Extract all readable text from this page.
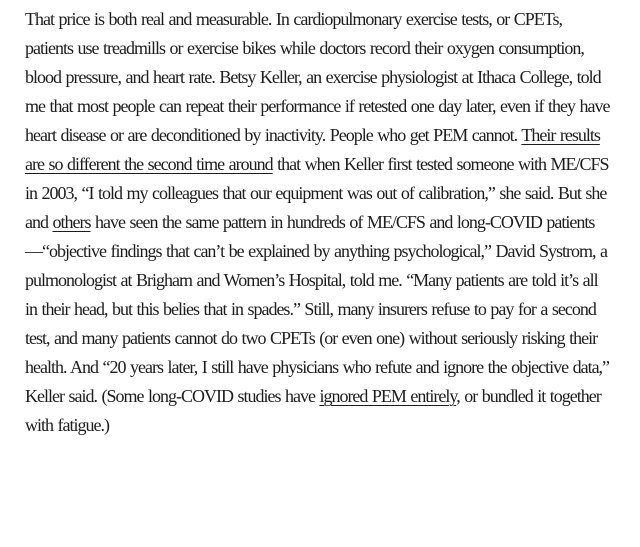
That price is both real and measurable. In cardiopulmonary exercise tests, or CPETs, patients use treadmills or exercise bikes while doctors record their oxygen consumption, blood pressure, and heart rate. Betsy Keller, an exercise physiologist at Ithaca College, told me that most people can repeat their performance if retested one day later, even if they have heart disease or are deconditioned by inactivity. People who get PEM cannot. Their results are so different the second time around that when Keller first tested someone with ME/CFS in 2003, “I told my colleagues that our equipment was out of calibration,” she said. But she and others have seen the same pattern in hundreds of ME/CFS and long-COVID patients—“objective findings that can’t be explained by anything psychological,” David Systrom, a pulmonologist at Brigham and Women’s Hospital, told me. “Many patients are told it’s all in their head, but this belies that in spades.” Still, many insurers refuse to pay for a second test, and many patients cannot do two CPETs (or even one) without seriously risking their health. And “20 years later, I still have physicians who refute and ignore the objective data,” Keller said. (Some long-COVID studies have ignored PEM entirely, or bundled it together with fatigue.)
